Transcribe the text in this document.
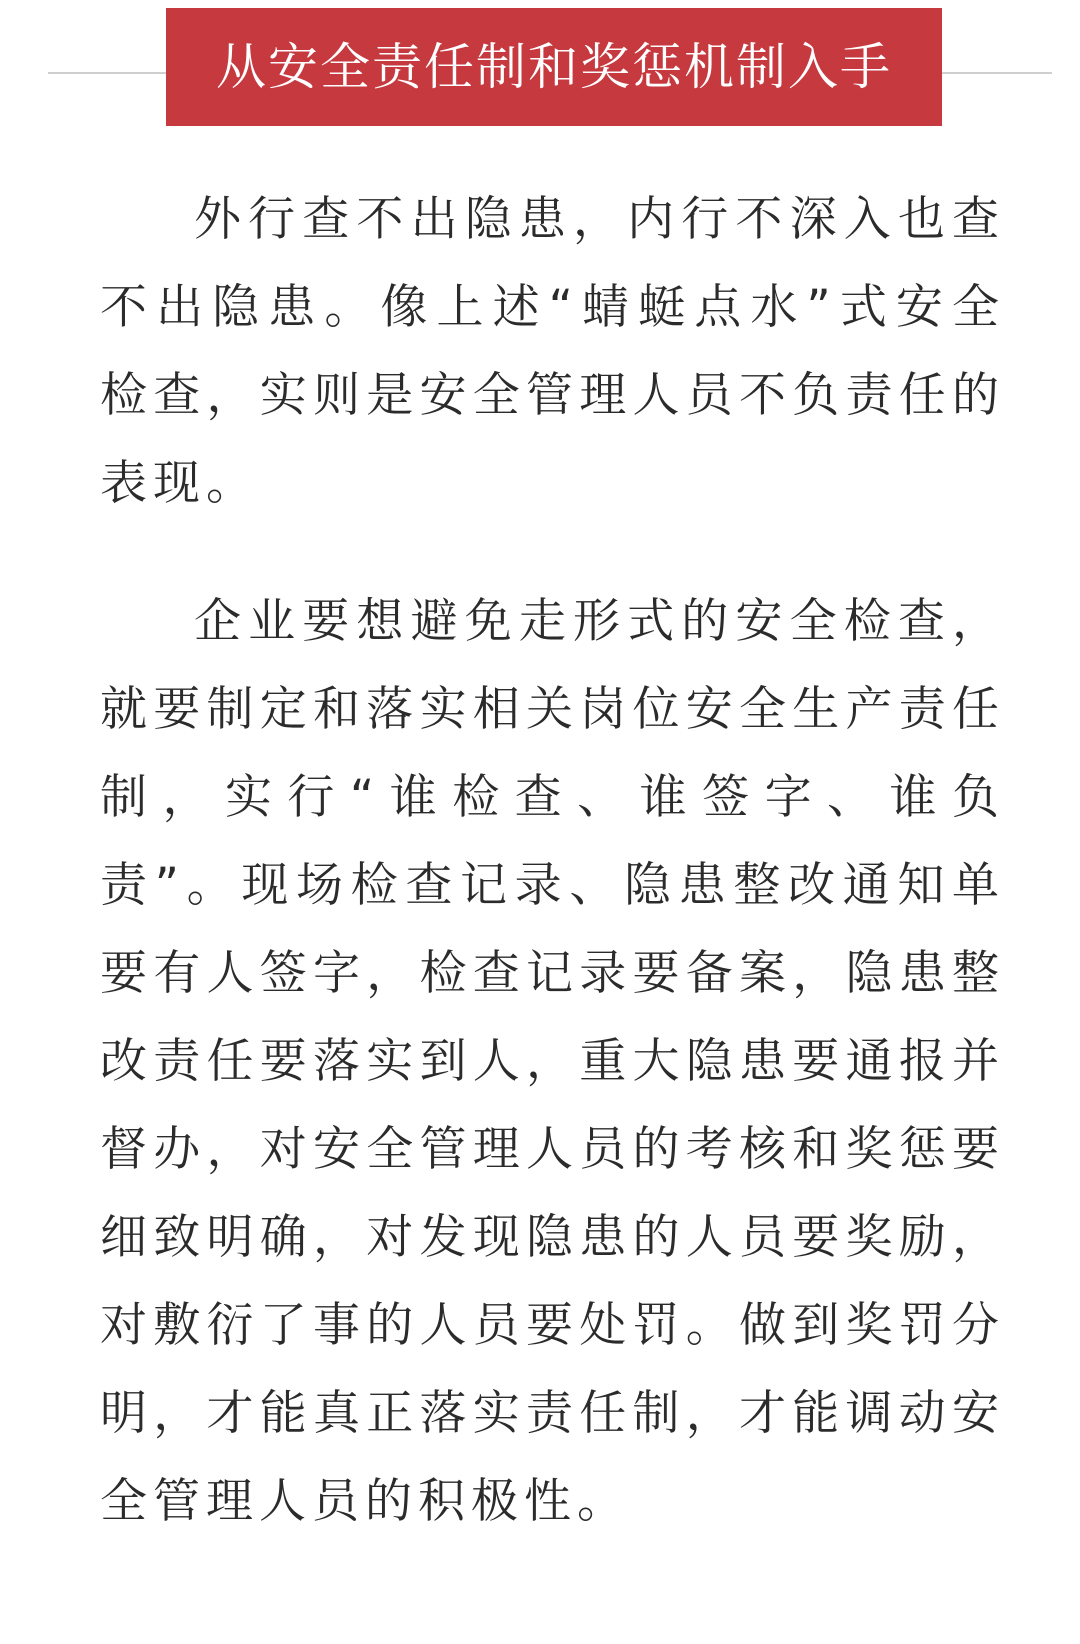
从安全责任制和奖惩机制入手

外行查不出隐患，内行不深入也查不出隐患。像上述“蜻蜓点水”式安全检查，实则是安全管理人员不负责任的表现。

企业要想避免走形式的安全检查，就要制定和落实相关岗位安全生产责任制，实行“谁检查、谁签字、谁负责”。现场检查记录、隐患整改通知单要有人签字，检查记录要备案，隐患整改责任要落实到人，重大隐患要通报并督办，对安全管理人员的考核和奖惩要细致明确，对发现隐患的人员要奖励，对敷衍了事的人员要处罚。做到奖罚分明，才能真正落实责任制，才能调动安全管理人员的积极性。
